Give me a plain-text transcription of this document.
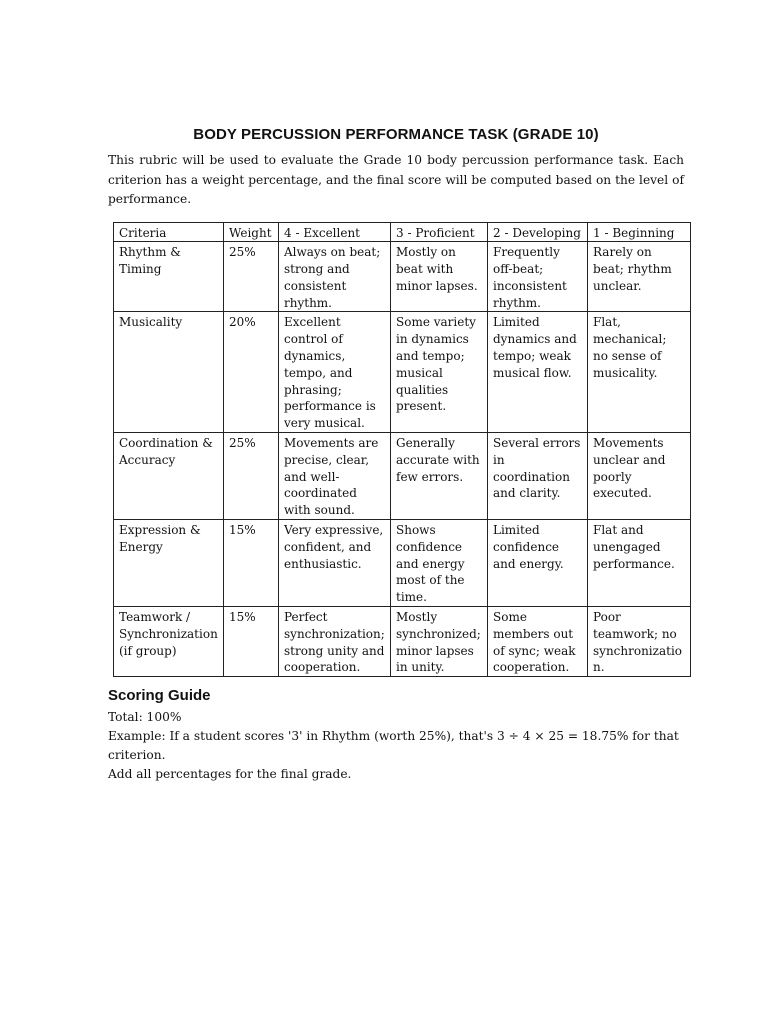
BODY PERCUSSION PERFORMANCE TASK (GRADE 10)

This rubric will be used to evaluate the Grade 10 body percussion performance task. Each criterion has a weight percentage, and the final score will be computed based on the level of performance.

Criteria	Weight	4 - Excellent	3 - Proficient	2 - Developing	1 - Beginning
Rhythm & Timing	25%	Always on beat; strong and consistent rhythm.	Mostly on beat with minor lapses.	Frequently off-beat; inconsistent rhythm.	Rarely on beat; rhythm unclear.
Musicality	20%	Excellent control of dynamics, tempo, and phrasing; performance is very musical.	Some variety in dynamics and tempo; musical qualities present.	Limited dynamics and tempo; weak musical flow.	Flat, mechanical; no sense of musicality.
Coordination & Accuracy	25%	Movements are precise, clear, and well-coordinated with sound.	Generally accurate with few errors.	Several errors in coordination and clarity.	Movements unclear and poorly executed.
Expression & Energy	15%	Very expressive, confident, and enthusiastic.	Shows confidence and energy most of the time.	Limited confidence and energy.	Flat and unengaged performance.
Teamwork / Synchronization (if group)	15%	Perfect synchronization; strong unity and cooperation.	Mostly synchronized; minor lapses in unity.	Some members out of sync; weak cooperation.	Poor teamwork; no synchronization.
Scoring Guide

Total: 100%

Example: If a student scores '3' in Rhythm (worth 25%), that's 3 ÷ 4 × 25 = 18.75% for that criterion.

Add all percentages for the final grade.
